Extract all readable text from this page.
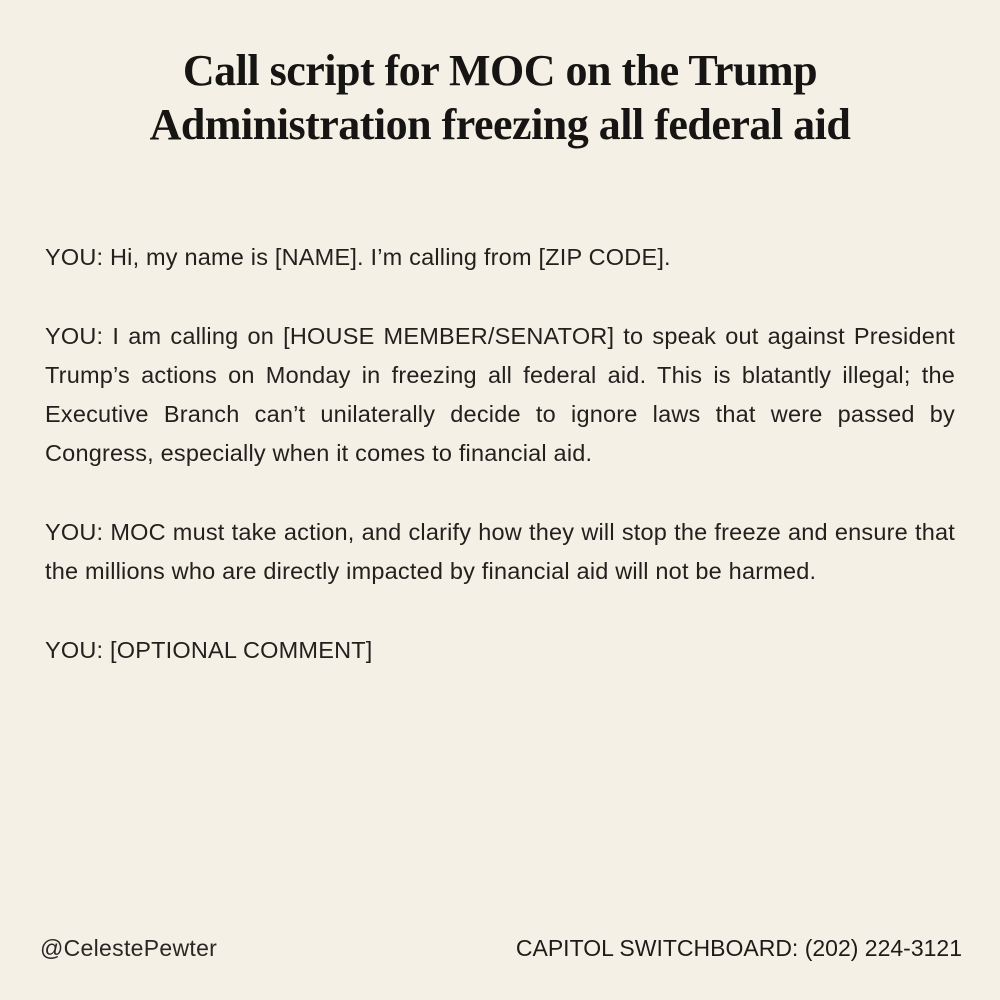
Call script for MOC on the Trump Administration freezing all federal aid

YOU: Hi, my name is [NAME]. I’m calling from [ZIP CODE].

YOU: I am calling on [HOUSE MEMBER/SENATOR] to speak out against President Trump’s actions on Monday in freezing all federal aid. This is blatantly illegal; the Executive Branch can’t unilaterally decide to ignore laws that were passed by Congress, especially when it comes to financial aid.

YOU: MOC must take action, and clarify how they will stop the freeze and ensure that the millions who are directly impacted by financial aid will not be harmed.

YOU: [OPTIONAL COMMENT]

@CelestePewter	CAPITOL SWITCHBOARD: (202) 224-3121
